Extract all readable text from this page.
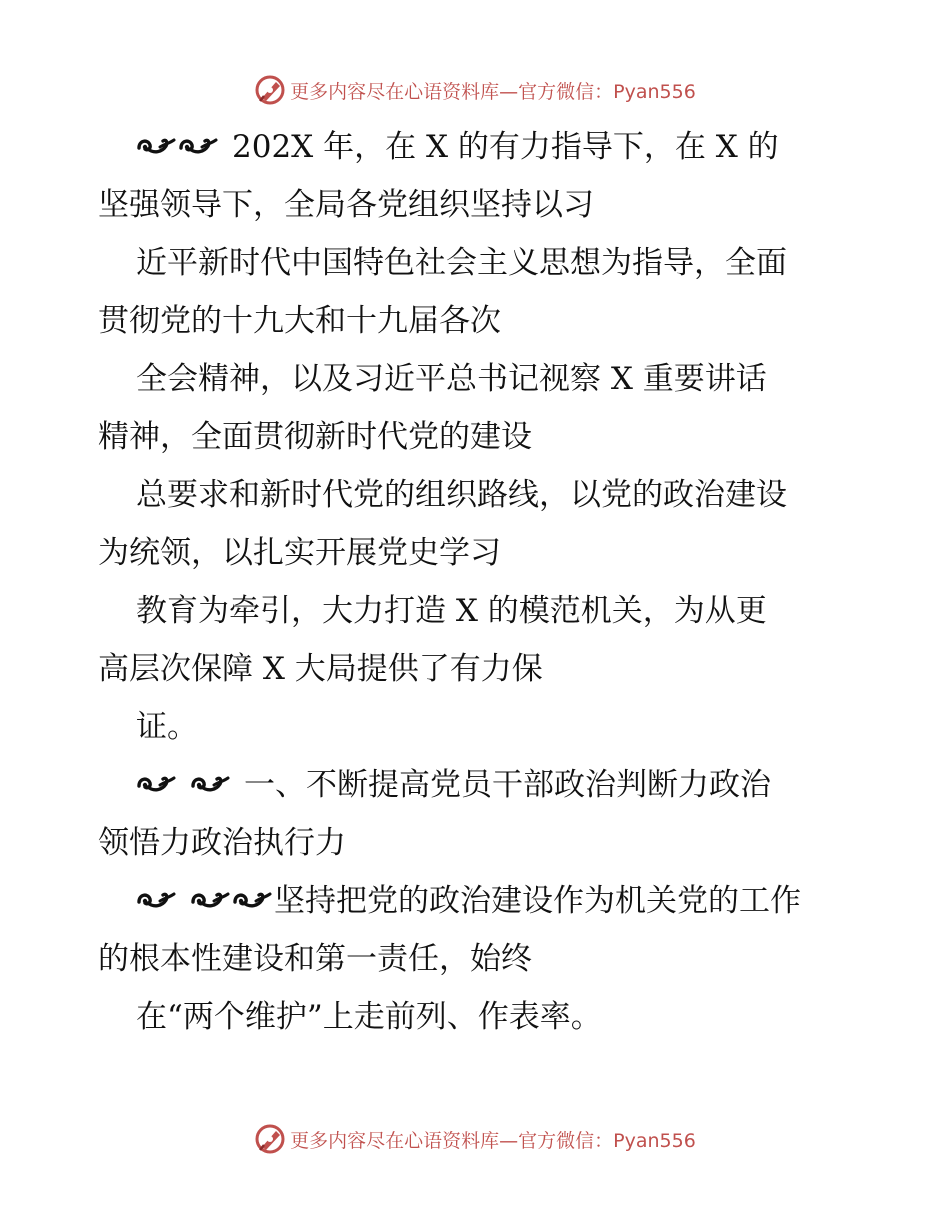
更多内容尽在心语资料库—官方微信：Pyan556
202X 年，在 X 的有力指导下，在 X 的
坚强领导下，全局各党组织坚持以习
近平新时代中国特色社会主义思想为指导，全面
贯彻党的十九大和十九届各次
全会精神，以及习近平总书记视察 X 重要讲话
精神，全面贯彻新时代党的建设
总要求和新时代党的组织路线，以党的政治建设
为统领，以扎实开展党史学习
教育为牵引，大力打造 X 的模范机关，为从更
高层次保障 X 大局提供了有力保
证。
一、不断提高党员干部政治判断力政治
领悟力政治执行力
坚持把党的政治建设作为机关党的工作
的根本性建设和第一责任，始终
在“两个维护”上走前列、作表率。
更多内容尽在心语资料库—官方微信：Pyan556
